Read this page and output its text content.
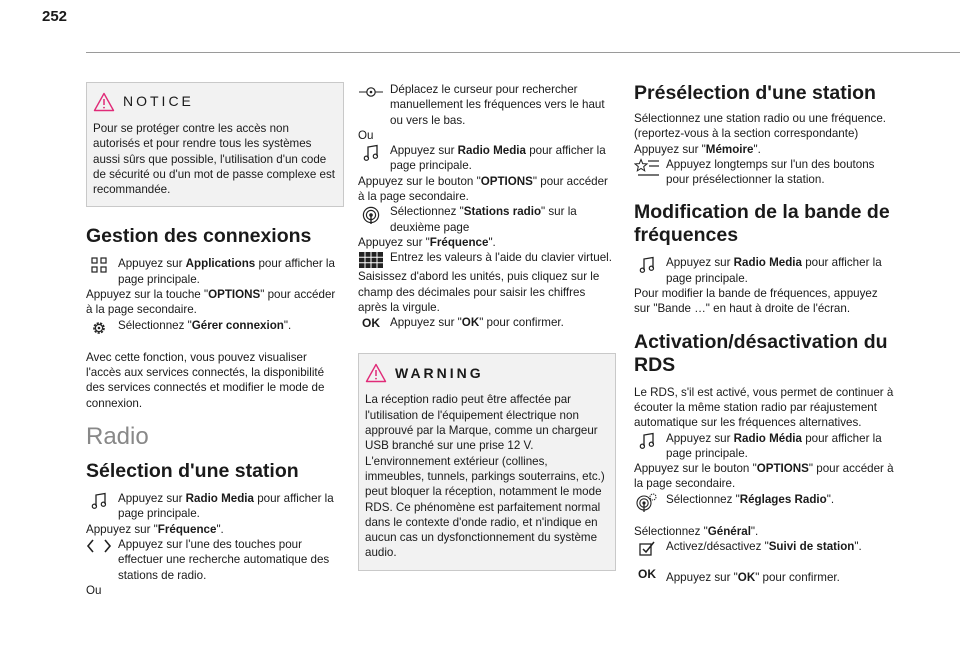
252
NOTICE

Pour se protéger contre les accès non autorisés et pour rendre tous les systèmes aussi sûrs que possible, l'utilisation d'un code de sécurité ou d'un mot de passe complexe est recommandée.

Gestion des connexions
Appuyez sur Applications pour afficher la page principale.

Appuyez sur la touche "OPTIONS" pour accéder à la page secondaire.

Sélectionnez "Gérer connexion".

Avec cette fonction, vous pouvez visualiser l'accès aux services connectés, la disponibilité des services connectés et modifier le mode de connexion.

Radio
Sélection d'une station
Appuyez sur Radio Media pour afficher la page principale.

Appuyez sur "Fréquence".

Appuyez sur l'une des touches pour effectuer une recherche automatique des stations de radio.

Ou

Déplacez le curseur pour rechercher manuellement les fréquences vers le haut ou vers le bas.

Ou

Appuyez sur Radio Media pour afficher la page principale.

Appuyez sur le bouton "OPTIONS" pour accéder à la page secondaire.

Sélectionnez "Stations radio" sur la deuxième page

Appuyez sur "Fréquence".

Entrez les valeurs à l'aide du clavier virtuel.

Saisissez d'abord les unités, puis cliquez sur le champ des décimales pour saisir les chiffres après la virgule.

OK Appuyez sur "OK" pour confirmer.
WARNING

La réception radio peut être affectée par l'utilisation de l'équipement électrique non approuvé par la Marque, comme un chargeur USB branché sur une prise 12 V. L'environnement extérieur (collines, immeubles, tunnels, parkings souterrains, etc.) peut bloquer la réception, notamment le mode RDS. Ce phénomène est parfaitement normal dans le contexte d'onde radio, et n'indique en aucun cas un dysfonctionnement du système audio.

Présélection d'une station

Sélectionnez une station radio ou une fréquence. (reportez-vous à la section correspondante)

Appuyez sur "Mémoire".

Appuyez longtemps sur l'un des boutons pour présélectionner la station.
Modification de la bande de fréquences
Appuyez sur Radio Media pour afficher la page principale.

Pour modifier la bande de fréquences, appuyez sur "Bande …" en haut à droite de l'écran.

Activation/désactivation du RDS

Le RDS, s'il est activé, vous permet de continuer à écouter la même station radio par réajustement automatique sur les fréquences alternatives.

Appuyez sur Radio Média pour afficher la page principale.

Appuyez sur le bouton "OPTIONS" pour accéder à la page secondaire.

Sélectionnez "Réglages Radio".

Sélectionnez "Général".

Activez/désactivez "Suivi de station".
OK Appuyez sur "OK" pour confirmer.
